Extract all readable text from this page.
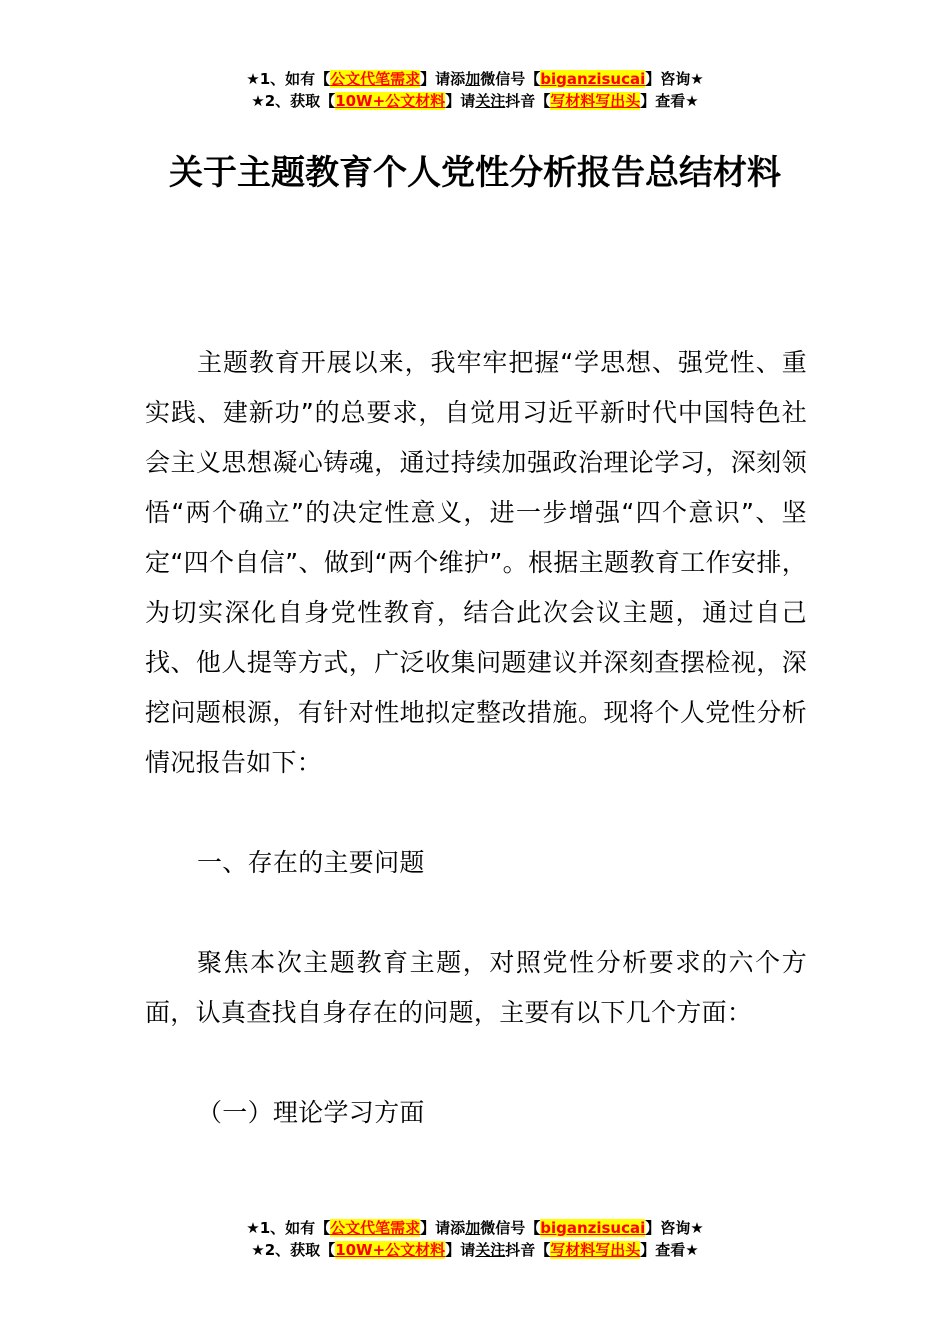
★1、如有【公文代笔需求】请添加微信号【biganzisucai】咨询★
★2、获取【10W+公文材料】请关注抖音【写材料写出头】查看★
关于主题教育个人党性分析报告总结材料

主题教育开展以来，我牢牢把握“学思想、强党性、重实践、建新功”的总要求，自觉用习近平新时代中国特色社会主义思想凝心铸魂，通过持续加强政治理论学习，深刻领悟“两个确立”的决定性意义，进一步增强“四个意识”、坚定“四个自信”、做到“两个维护”。根据主题教育工作安排，为切实深化自身党性教育，结合此次会议主题，通过自己找、他人提等方式，广泛收集问题建议并深刻查摆检视，深挖问题根源，有针对性地拟定整改措施。现将个人党性分析情况报告如下：

一、存在的主要问题

聚焦本次主题教育主题，对照党性分析要求的六个方面，认真查找自身存在的问题，主要有以下几个方面：

（一）理论学习方面

★1、如有【公文代笔需求】请添加微信号【biganzisucai】咨询★
★2、获取【10W+公文材料】请关注抖音【写材料写出头】查看★
